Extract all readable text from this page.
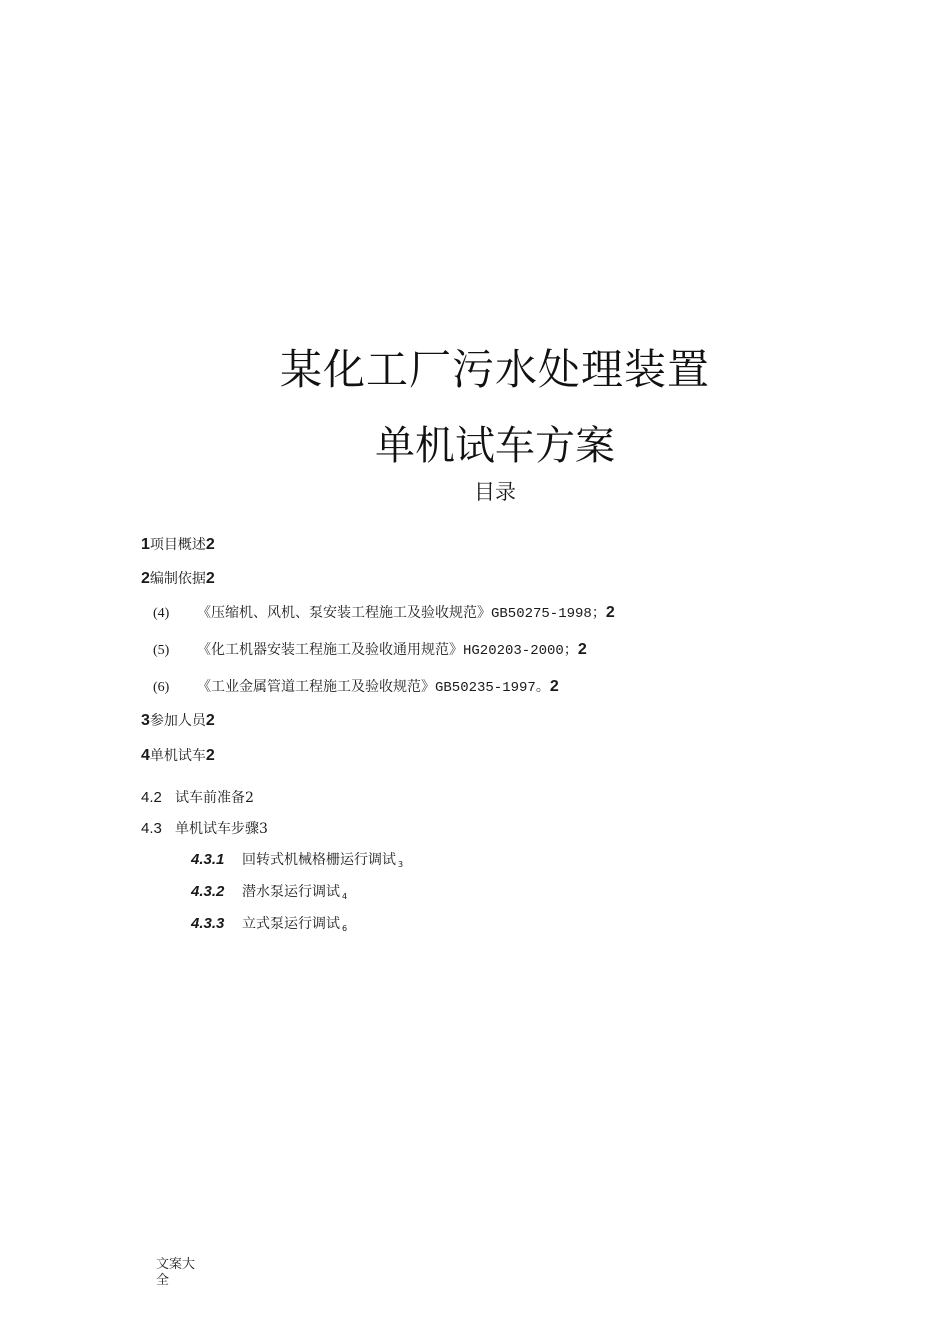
某化工厂污水处理装置
单机试车方案
目录
1项目概述2
2编制依据2
(4) 《压缩机、风机、泵安装工程施工及验收规范》GB50275-1998；2
(5) 《化工机器安装工程施工及验收通用规范》HG20203-2000；2
(6) 《工业金属管道工程施工及验收规范》GB50235-1997。2
3参加人员2
4单机试车2
4.2 试车前准备2
4.3 单机试车步骤3
4.3.1 回转式机械格栅运行调试 $_3$
4.3.2 潜水泵运行调试 $_4$
4.3.3 立式泵运行调试 $_6$
文案大全
